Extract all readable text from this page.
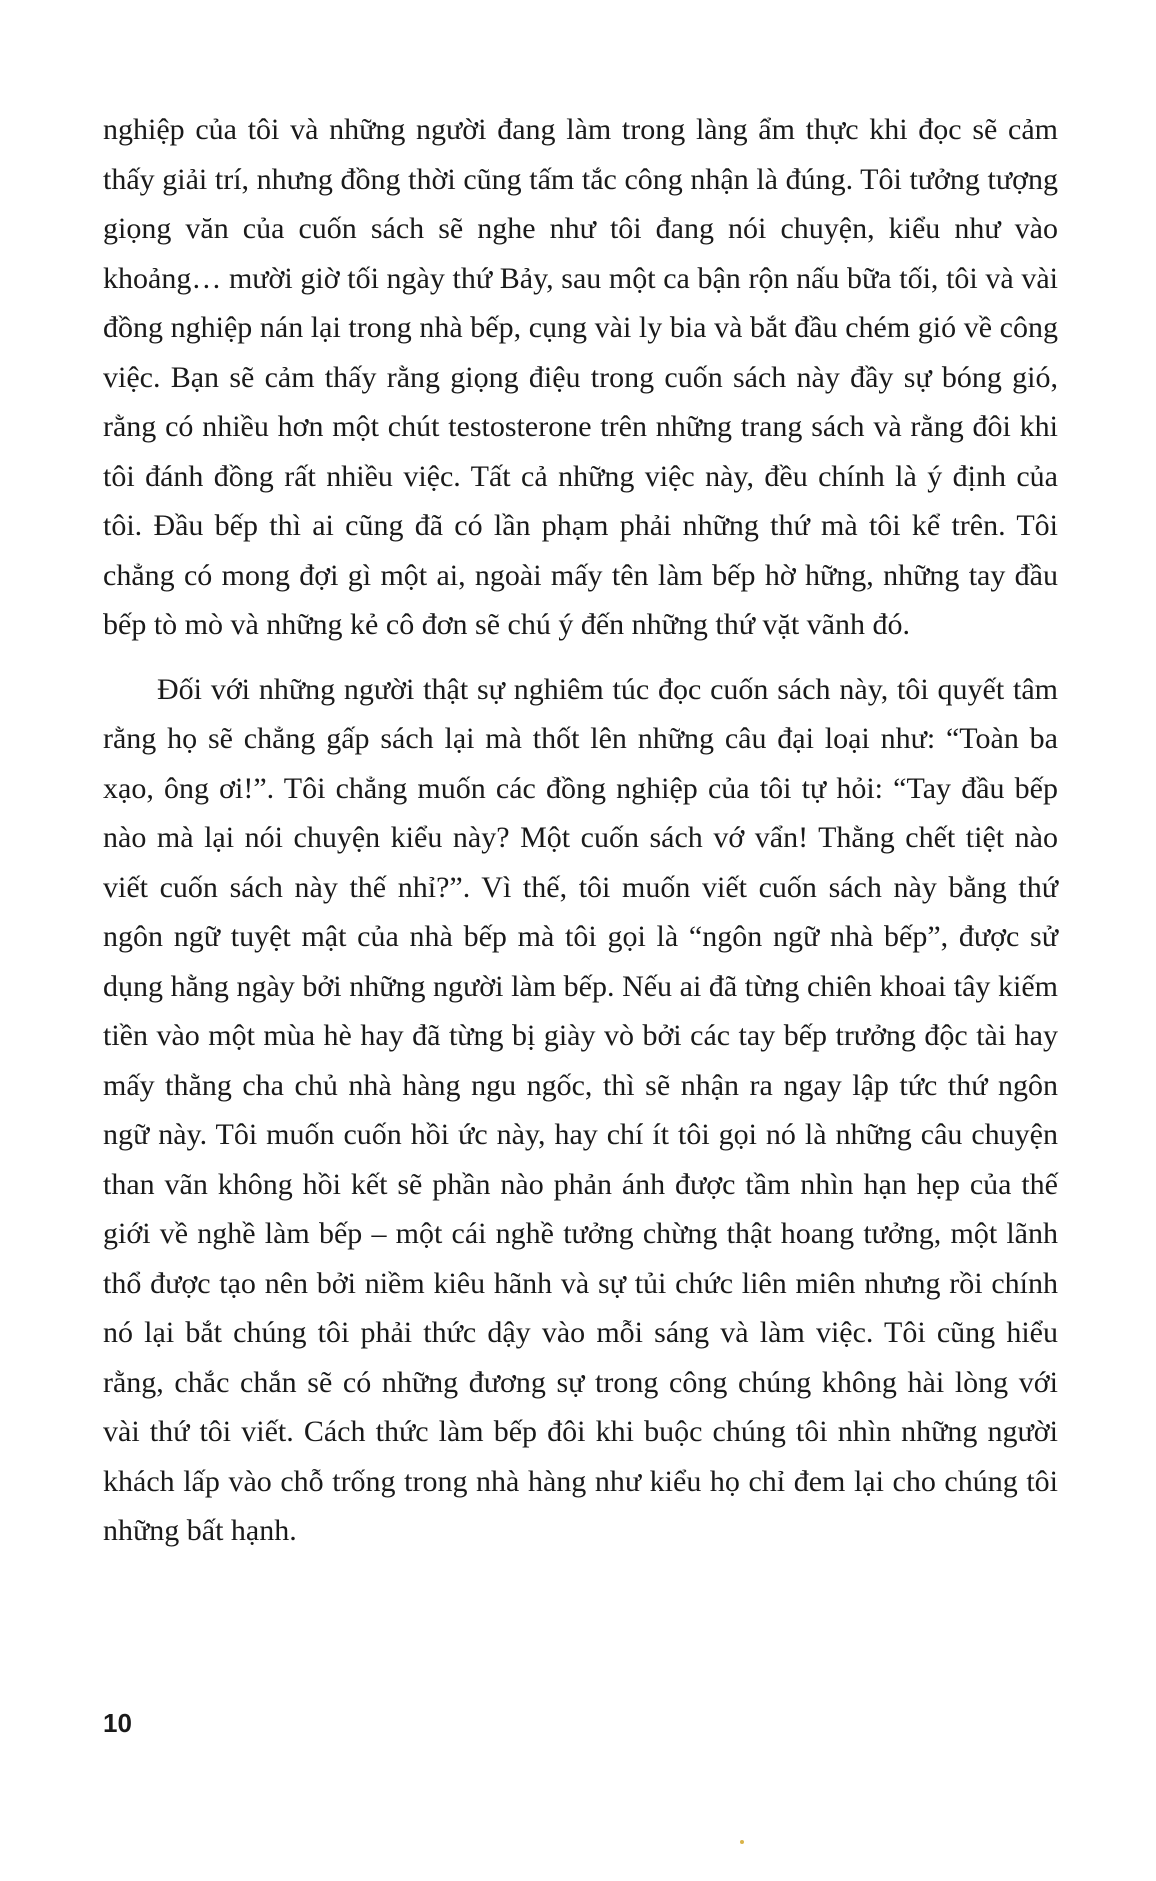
nghiệp của tôi và những người đang làm trong làng ẩm thực khi đọc sẽ cảm thấy giải trí, nhưng đồng thời cũng tấm tắc công nhận là đúng. Tôi tưởng tượng giọng văn của cuốn sách sẽ nghe như tôi đang nói chuyện, kiểu như vào khoảng… mười giờ tối ngày thứ Bảy, sau một ca bận rộn nấu bữa tối, tôi và vài đồng nghiệp nán lại trong nhà bếp, cụng vài ly bia và bắt đầu chém gió về công việc. Bạn sẽ cảm thấy rằng giọng điệu trong cuốn sách này đầy sự bóng gió, rằng có nhiều hơn một chút testosterone trên những trang sách và rằng đôi khi tôi đánh đồng rất nhiều việc. Tất cả những việc này, đều chính là ý định của tôi. Đầu bếp thì ai cũng đã có lần phạm phải những thứ mà tôi kể trên. Tôi chẳng có mong đợi gì một ai, ngoài mấy tên làm bếp hờ hững, những tay đầu bếp tò mò và những kẻ cô đơn sẽ chú ý đến những thứ vặt vãnh đó.

Đối với những người thật sự nghiêm túc đọc cuốn sách này, tôi quyết tâm rằng họ sẽ chẳng gấp sách lại mà thốt lên những câu đại loại như: “Toàn ba xạo, ông ơi!”. Tôi chẳng muốn các đồng nghiệp của tôi tự hỏi: “Tay đầu bếp nào mà lại nói chuyện kiểu này? Một cuốn sách vớ vẩn! Thằng chết tiệt nào viết cuốn sách này thế nhỉ?”. Vì thế, tôi muốn viết cuốn sách này bằng thứ ngôn ngữ tuyệt mật của nhà bếp mà tôi gọi là “ngôn ngữ nhà bếp”, được sử dụng hằng ngày bởi những người làm bếp. Nếu ai đã từng chiên khoai tây kiếm tiền vào một mùa hè hay đã từng bị giày vò bởi các tay bếp trưởng độc tài hay mấy thằng cha chủ nhà hàng ngu ngốc, thì sẽ nhận ra ngay lập tức thứ ngôn ngữ này. Tôi muốn cuốn hồi ức này, hay chí ít tôi gọi nó là những câu chuyện than vãn không hồi kết sẽ phần nào phản ánh được tầm nhìn hạn hẹp của thế giới về nghề làm bếp – một cái nghề tưởng chừng thật hoang tưởng, một lãnh thổ được tạo nên bởi niềm kiêu hãnh và sự tủi chức liên miên nhưng rồi chính nó lại bắt chúng tôi phải thức dậy vào mỗi sáng và làm việc. Tôi cũng hiểu rằng, chắc chắn sẽ có những đương sự trong công chúng không hài lòng với vài thứ tôi viết. Cách thức làm bếp đôi khi buộc chúng tôi nhìn những người khách lấp vào chỗ trống trong nhà hàng như kiểu họ chỉ đem lại cho chúng tôi những bất hạnh.

10
